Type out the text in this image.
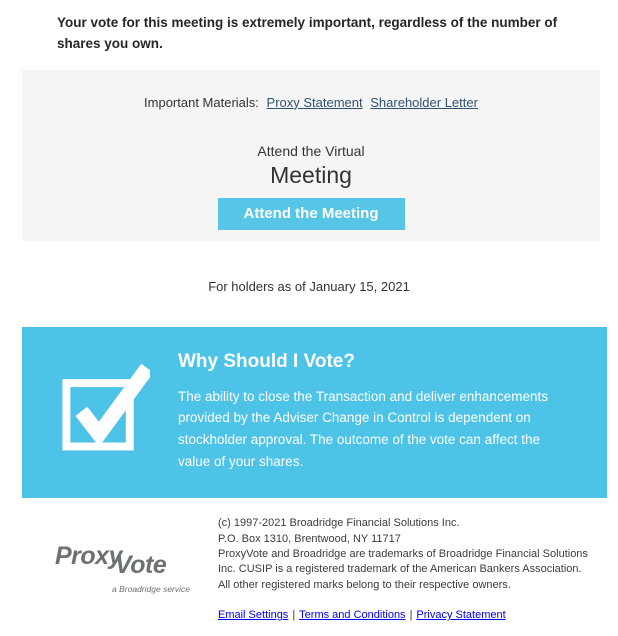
Your vote for this meeting is extremely important, regardless of the number of shares you own.

Important Materials: Proxy Statement Shareholder Letter
Attend the Virtual
Meeting
Attend the Meeting
For holders as of January 15, 2021
Why Should I Vote?

The ability to close the Transaction and deliver enhancements provided by the Adviser Change in Control is dependent on stockholder approval. The outcome of the vote can affect the value of your shares.

ProxyVote
a Broadridge service
(c) 1997-2021 Broadridge Financial Solutions Inc.
P.O. Box 1310, Brentwood, NY 11717
ProxyVote and Broadridge are trademarks of Broadridge Financial Solutions Inc. CUSIP is a registered trademark of the American Bankers Association. All other registered marks belong to their respective owners.
Email Settings | Terms and Conditions | Privacy Statement
